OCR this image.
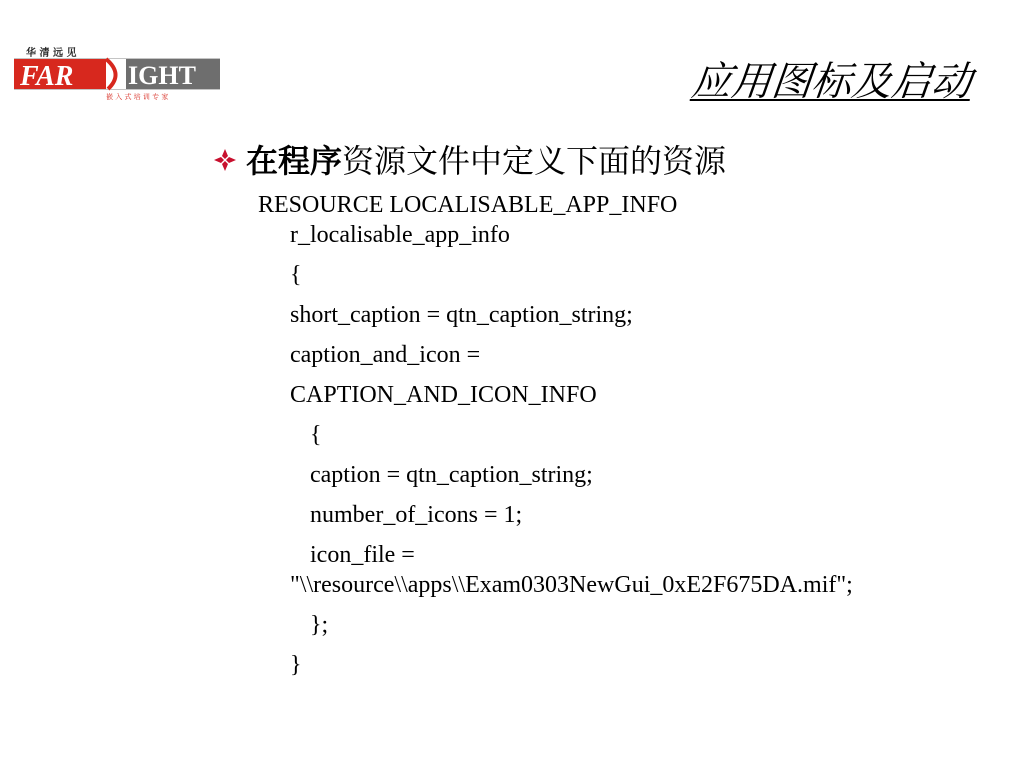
华 清 远 见
FAR IGHT
嵌 入 式 培 训 专 家	应用图标及启动
在程序 资源文件中定义下面的资源
RESOURCE LOCALISABLE_APP_INFO
r_localisable_app_info
{
short_caption = qtn_caption_string;
caption_and_icon =
CAPTION_AND_ICON_INFO
{
caption = qtn_caption_string;
number_of_icons = 1;
icon_file =
"\\resource\\apps\\Exam0303NewGui_0xE2F675DA.mif";
};
}
